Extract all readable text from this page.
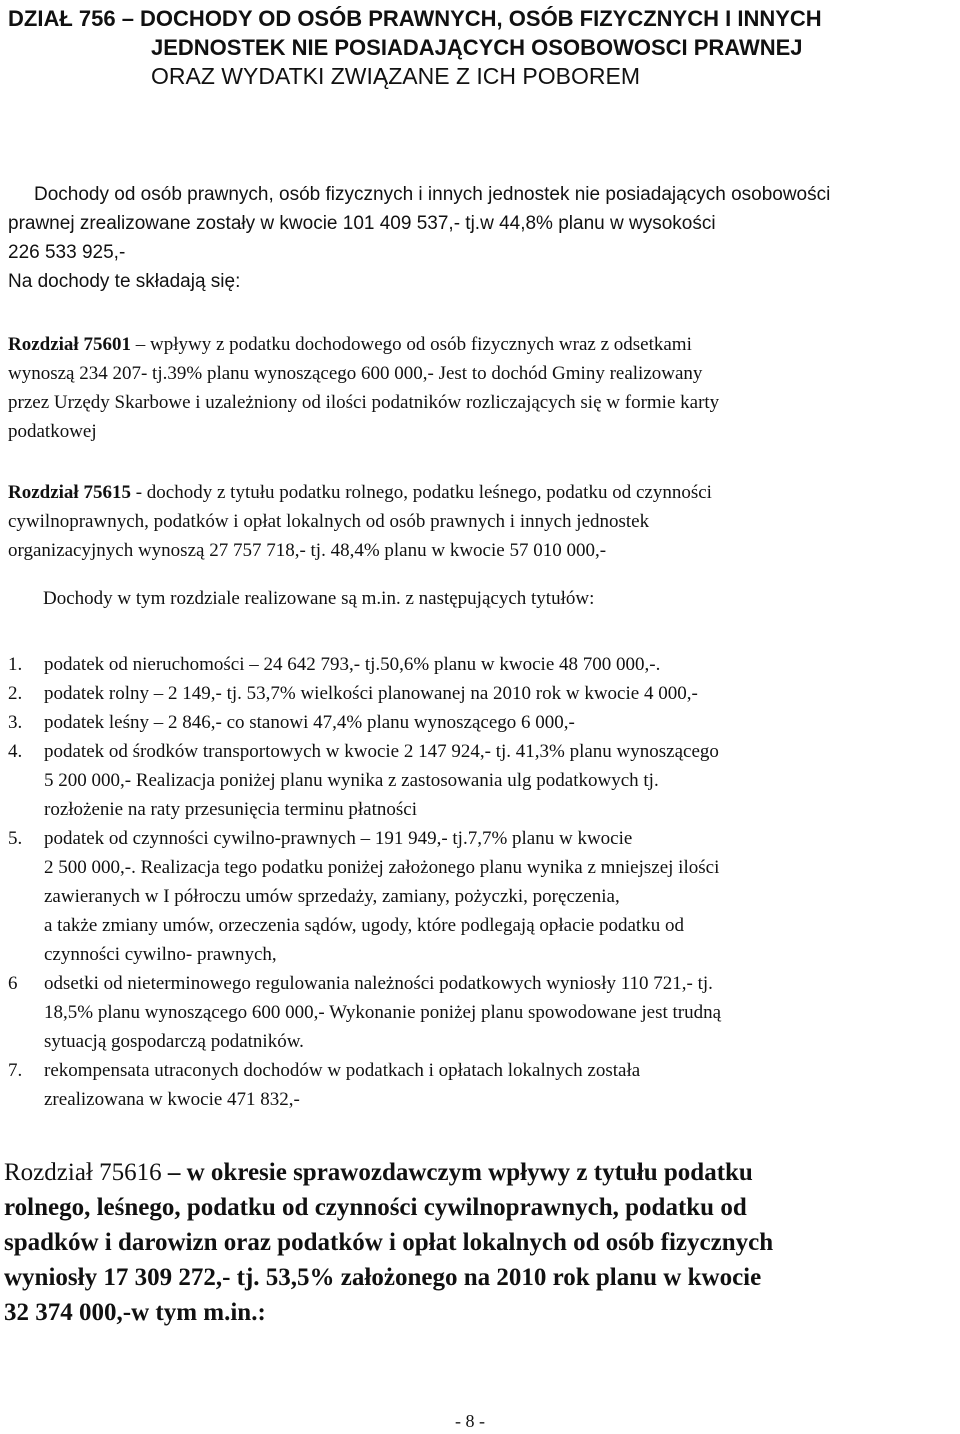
DZIAŁ 756 – DOCHODY OD OSÓB PRAWNYCH, OSÓB FIZYCZNYCH I INNYCH
JEDNOSTEK NIE POSIADAJĄCYCH OSOBOWOSCI PRAWNEJ
ORAZ WYDATKI ZWIĄZANE Z ICH POBOREM
Dochody od osób prawnych, osób fizycznych i innych jednostek nie posiadających osobowości
prawnej zrealizowane zostały w kwocie 101 409 537,- tj.w 44,8% planu w wysokości
226 533 925,-
Na dochody te składają się:
Rozdział 75601 – wpływy z podatku dochodowego od osób fizycznych wraz z odsetkami
wynoszą 234 207- tj.39% planu wynoszącego 600 000,- Jest to dochód Gminy realizowany
przez Urzędy Skarbowe i uzależniony od ilości podatników rozliczających się w formie karty
podatkowej
Rozdział 75615 - dochody z tytułu podatku rolnego, podatku leśnego, podatku od czynności
cywilnoprawnych, podatków i opłat lokalnych od osób prawnych i innych jednostek
organizacyjnych wynoszą 27 757 718,- tj. 48,4% planu w kwocie 57 010 000,-
Dochody w tym rozdziale realizowane są m.in. z następujących tytułów:
1.	podatek od nieruchomości – 24 642 793,- tj.50,6% planu w kwocie 48 700 000,-.
2.	podatek rolny – 2 149,- tj. 53,7% wielkości planowanej na 2010 rok w kwocie 4 000,-
3.	podatek leśny – 2 846,- co stanowi 47,4% planu wynoszącego 6 000,-
4.	podatek od środków transportowych w kwocie 2 147 924,- tj. 41,3% planu wynoszącego
5 200 000,- Realizacja poniżej planu wynika z zastosowania ulg podatkowych tj.
rozłożenie na raty przesunięcia terminu płatności
5.	podatek od czynności cywilno-prawnych – 191 949,- tj.7,7% planu w kwocie
2 500 000,-. Realizacja tego podatku poniżej założonego planu wynika z mniejszej ilości
zawieranych w I półroczu umów sprzedaży, zamiany, pożyczki, poręczenia,
a także zmiany umów, orzeczenia sądów, ugody, które podlegają opłacie podatku od
czynności cywilno- prawnych,
6	odsetki od nieterminowego regulowania należności podatkowych wyniosły 110 721,- tj.
18,5% planu wynoszącego 600 000,- Wykonanie poniżej planu spowodowane jest trudną
sytuacją gospodarczą podatników.
7.	rekompensata utraconych dochodów w podatkach i opłatach lokalnych została
zrealizowana w kwocie 471 832,-
Rozdział 75616 – w okresie sprawozdawczym wpływy z tytułu podatku
rolnego, leśnego, podatku od czynności cywilnoprawnych, podatku od
spadków i darowizn oraz podatków i opłat lokalnych od osób fizycznych
wyniosły 17 309 272,- tj. 53,5% założonego na 2010 rok planu w kwocie
32 374 000,-w tym m.in.:
- 8 -
